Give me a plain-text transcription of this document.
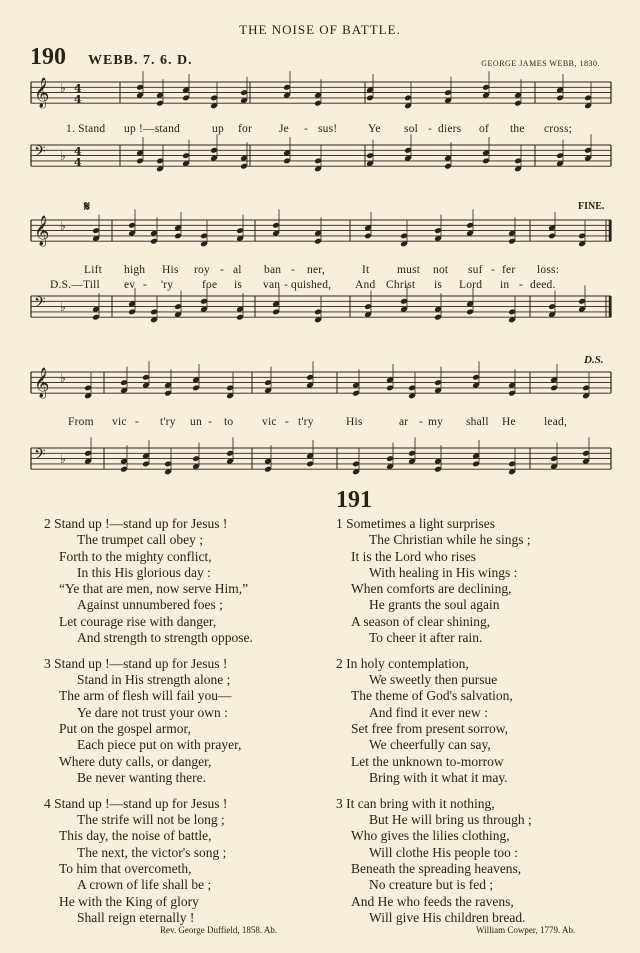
THE NOISE OF BATTLE.
190 WEBB. 7. 6. D.	GEORGE JAMES WEBB, 1830.
𝄞 ♭
𝄢 ♭
𝄞 ♭
𝄢 ♭
𝄞 ♭
𝄢 ♭
4
4
4
4
1. Stand up !—stand	up for Je - sus!	Ye sol - diers of the cross;
𝄋	FINE.
Lift high His roy - al ban - ner,	It must not suf - fer loss:
D.S.—Till ev - 'ry foe is van - quished, And Christ is Lord in - deed.
D.S.
From vic - t'ry un - to vic - t'ry	His	ar - my shall He lead,
2 Stand up !—stand up for Jesus !
The trumpet call obey ;
Forth to the mighty conflict,
In this His glorious day :
“Ye that are men, now serve Him,”
Against unnumbered foes ;
Let courage rise with danger,
And strength to strength oppose.
3 Stand up !—stand up for Jesus !
Stand in His strength alone ;
The arm of flesh will fail you—
Ye dare not trust your own :
Put on the gospel armor,
Each piece put on with prayer,
Where duty calls, or danger,
Be never wanting there.
4 Stand up !—stand up for Jesus !
The strife will not be long ;
This day, the noise of battle,
The next, the victor's song ;
To him that overcometh,
A crown of life shall be ;
He with the King of glory
Shall reign eternally !
Rev. George Duffield, 1858. Ab.
191
1 Sometimes a light surprises
The Christian while he sings ;
It is the Lord who rises
With healing in His wings :
When comforts are declining,
He grants the soul again
A season of clear shining,
To cheer it after rain.
2 In holy contemplation,
We sweetly then pursue
The theme of God's salvation,
And find it ever new :
Set free from present sorrow,
We cheerfully can say,
Let the unknown to-morrow
Bring with it what it may.
3 It can bring with it nothing,
But He will bring us through ;
Who gives the lilies clothing,
Will clothe His people too :
Beneath the spreading heavens,
No creature but is fed ;
And He who feeds the ravens,
Will give His children bread.
William Cowper, 1779. Ab.
